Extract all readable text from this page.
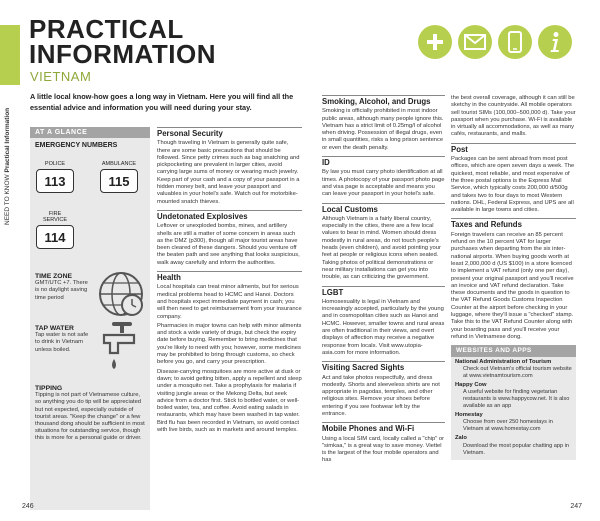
NEED TO KNOW Practical Information
PRACTICAL
INFORMATION
VIETNAM
A little local know-how goes a long way in Vietnam. Here you will find all the essential advice and information you will need during your stay.
AT A GLANCE
EMERGENCY NUMBERS
POLICE
113
AMBULANCE
115
FIRE SERVICE
114
TIME ZONE
GMT/UTC +7. There is no daylight saving time period
TAP WATER
Tap water is not safe to drink in Vietnam unless boiled.
TIPPING
Tipping is not part of Vietnamese culture, so anything you do tip will be appreciated but not expected, especially outside of tourist areas. "Keep the change" or a few thousand dong should be sufficient in most situations for outstanding service, though this is more for a personal guide or driver.
Personal Security

Though traveling in Vietnam is generally quite safe, there are some basic precautions that should be followed. Since petty crimes such as bag snatching and pickpocketing are prevalent in larger cities, avoid carrying large sums of money or wearing much jewelry. Keep part of your cash and a copy of your passport in a hidden money belt, and leave your passport and valuables in your hotel's safe. Watch out for motorbike-mounted snatch thieves.

Undetonated Explosives

Leftover or unexploded bombs, mines, and artillery shells are still a matter of some concern in areas such as the DMZ (p300), though all major tourist areas have been cleared of these dangers. Should you venture off the beaten path and see anything that looks suspicious, walk away carefully and inform the authorities.

Health

Local hospitals can treat minor ailments, but for serious medical problems head to HCMC and Hanoi. Doctors and hospitals expect immediate payment in cash; you will then need to get reimbursement from your insurance company.

Pharmacies in major towns can help with minor ailments and stock a wide variety of drugs, but check the expiry date before buying. Remember to bring medicines that you're likely to need with you; however, some medicines may be prohibited to bring through customs, so check before you go, and carry your prescription.

Disease-carrying mosquitoes are more active at dusk or dawn; to avoid getting bitten, apply a repellent and sleep under a mosquito net. Take a prophylaxis for malaria if visiting jungle areas or the Mekong Delta, but seek advice from a doctor first. Stick to bottled water, or well-boiled water, tea, and coffee. Avoid eating salads in restaurants, which may have been washed in tap water. Bird flu has been recorded in Vietnam, so avoid contact with live birds, such as in markets and around temples.

Smoking, Alcohol, and Drugs

Smoking is officially prohibited in most indoor public areas, although many people ignore this. Vietnam has a strict limit of 0.25mg/l of alcohol when driving. Possession of illegal drugs, even in small quantities, risks a long prison sentence or even the death penalty.

ID

By law you must carry photo identification at all times. A photocopy of your passport photo page and visa page is acceptable and means you can leave your passport in your hotel's safe.

Local Customs

Although Vietnam is a fairly liberal country, especially in the cities, there are a few local values to bear in mind. Women should dress modestly in rural areas, do not touch people's heads (even children), and avoid pointing your feet at people or religious icons when seated. Taking photos of political demonstrations or near military installations can get you into trouble, as can criticizing the government.

LGBT

Homosexuality is legal in Vietnam and increasingly accepted, particularly by the young and in cosmopolitan cities such as Hanoi and HCMC. However, smaller towns and rural areas are often traditional in their views, and overt displays of affection may receive a negative response from locals. Visit www.utopia-asia.com for more information.

Visiting Sacred Sights

Act and take photos respectfully, and dress modestly. Shorts and sleeveless shirts are not appropriate in pagodas, temples, and other religious sites. Remove your shoes before entering if you see footwear left by the entrance.

Mobile Phones and Wi-Fi

Using a local SIM card, locally called a "chip" or "simkaa," is a great way to save money. Viettel is the largest of the four mobile operators and has

the best overall coverage, although it can still be sketchy in the countryside. All mobile operators sell tourist SIMs (100,000–500,000 d). Take your passport when you purchase. Wi-Fi is available in virtually all accommodations, as well as many cafés, restaurants, and malls.

Post

Packages can be sent abroad from most post offices, which are open seven days a week. The quickest, most reliable, and most expensive of the three postal options is the Express Mail Service, which typically costs 200,000 d/500g and takes two to four days to most Western nations. DHL, Federal Express, and UPS are all available in large towns and cities.

Taxes and Refunds

Foreign travelers can receive an 85 percent refund on the 10 percent VAT for larger purchases when departing from the six inter-national airports. When buying goods worth at least 2,000,000 d (US $100) in a store licenced to implement a VAT refund (only one per day), present your original passport and you'll receive an invoice and VAT refund declaration. Take these documents and the goods in question to the VAT Refund Goods Customs Inspection Counter at the airport before checking in your luggage, where they'll issue a "checked" stamp. Take this to the VAT Refund Counter along with your boarding pass and you'll receive your refund in Vietnamese dong.

WEBSITES AND APPS
National Administration of Tourism
Check out Vietnam's official tourism website at www.vietnamtourism.com
Happy Cow
A useful website for finding vegetarian restaurants is www.happycow.net. It is also available as an app
Homestay
Choose from over 250 homestays in Vietnam at www.homestay.com
Zalo
Download the most popular chatting app in Vietnam.
246	247
